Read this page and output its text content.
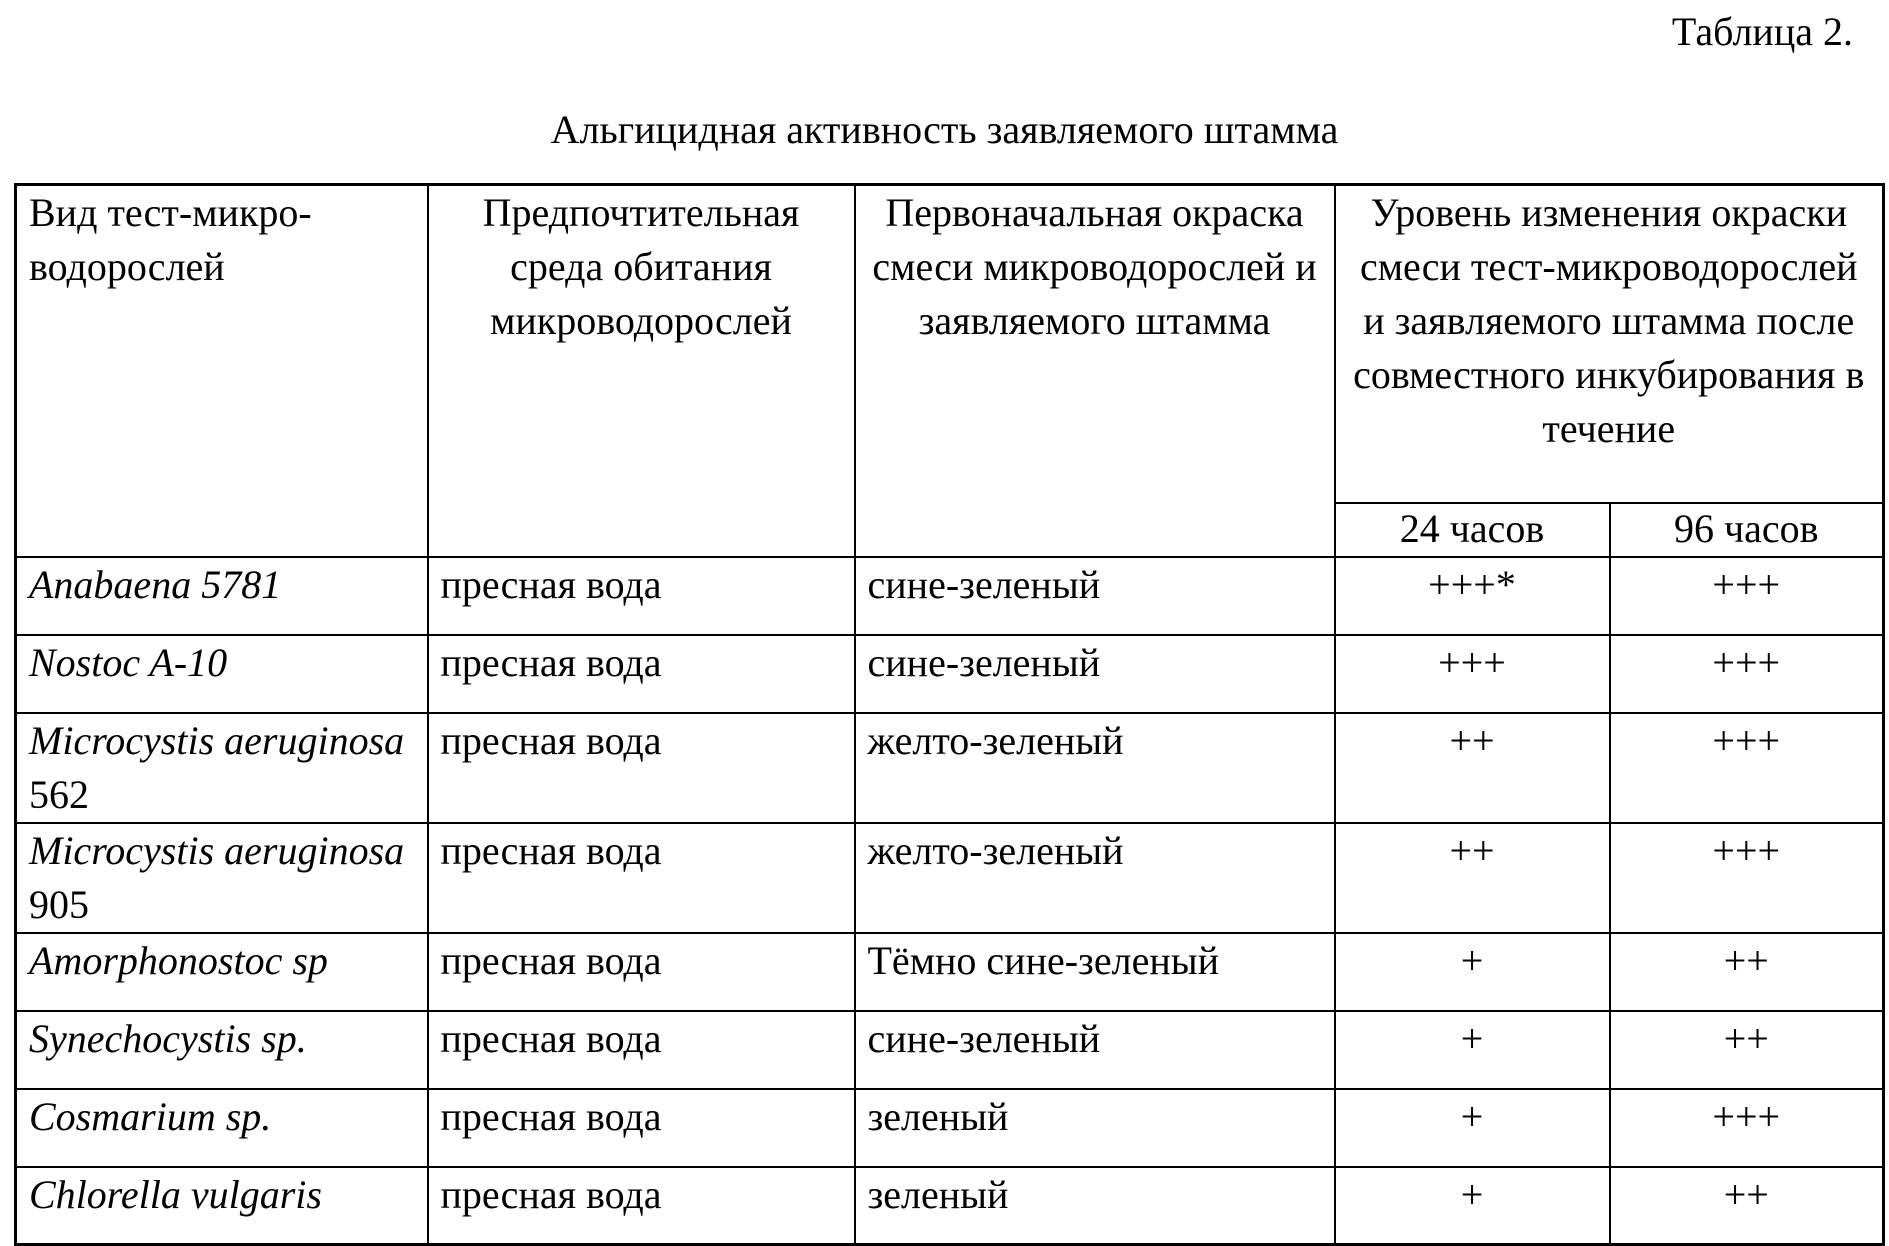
Таблица 2.
Альгицидная активность заявляемого штамма
Вид тест-микро- водорослей	Предпочтительная среда обитания микроводорослей	Первоначальная окраска смеси микроводорослей и заявляемого штамма	Уровень изменения окраски смеси тест-микроводорослей и заявляемого штамма после совместного инкубирования в течение	
			24 часов	96 часов
Anabaena 5781	пресная вода	сине-зеленый	+++*	+++
Nostoc A-10	пресная вода	сине-зеленый	+++	+++
Microcystis aeruginosa 562	пресная вода	желто-зеленый	++	+++
Microcystis aeruginosa 905	пресная вода	желто-зеленый	++	+++
Amorphonostoc sp	пресная вода	Тёмно сине-зеленый	+	++
Synechocystis sp.	пресная вода	сине-зеленый	+	++
Cosmarium sp.	пресная вода	зеленый	+	+++
Chlorella vulgaris	пресная вода	зеленый	+	++
